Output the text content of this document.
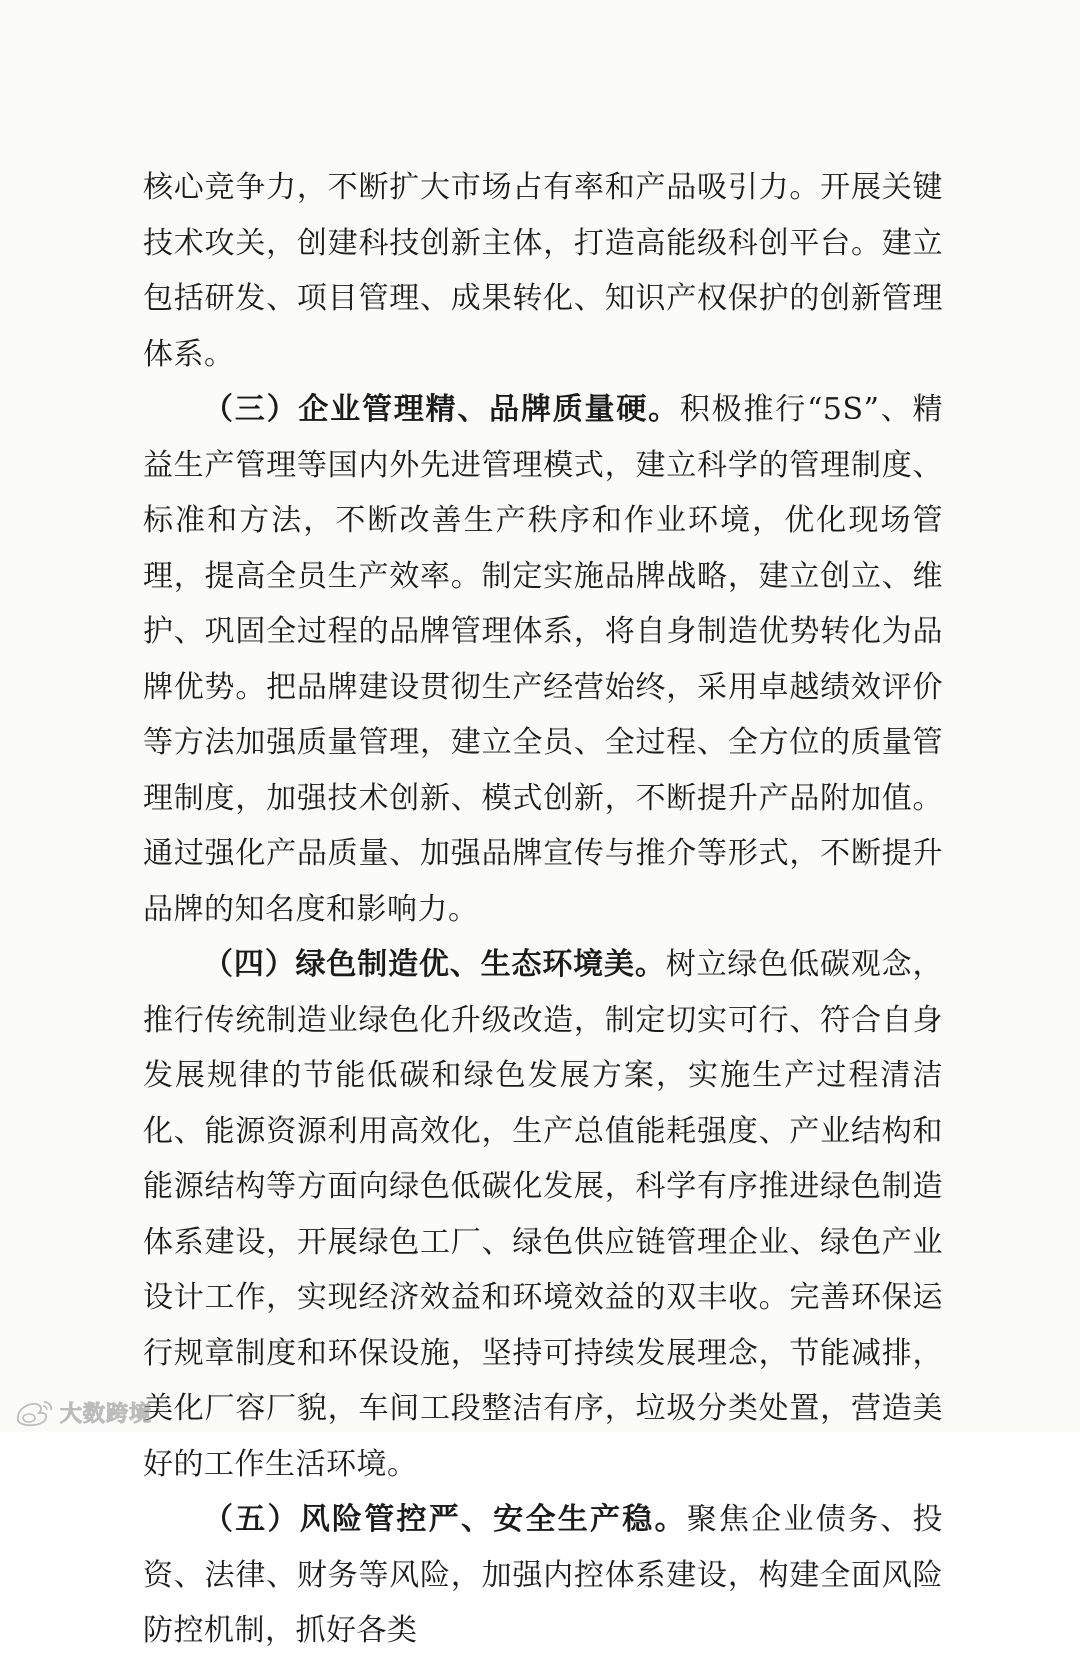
核心竞争力，不断扩大市场占有率和产品吸引力。开展关键技术攻关，创建科技创新主体，打造高能级科创平台。建立包括研发、项目管理、成果转化、知识产权保护的创新管理体系。

（三）企业管理精、品牌质量硬。积极推行“5S”、精益生产管理等国内外先进管理模式，建立科学的管理制度、标准和方法，不断改善生产秩序和作业环境，优化现场管理，提高全员生产效率。制定实施品牌战略，建立创立、维护、巩固全过程的品牌管理体系，将自身制造优势转化为品牌优势。把品牌建设贯彻生产经营始终，采用卓越绩效评价等方法加强质量管理，建立全员、全过程、全方位的质量管理制度，加强技术创新、模式创新，不断提升产品附加值。通过强化产品质量、加强品牌宣传与推介等形式，不断提升品牌的知名度和影响力。

（四）绿色制造优、生态环境美。树立绿色低碳观念，推行传统制造业绿色化升级改造，制定切实可行、符合自身发展规律的节能低碳和绿色发展方案，实施生产过程清洁化、能源资源利用高效化，生产总值能耗强度、产业结构和能源结构等方面向绿色低碳化发展，科学有序推进绿色制造体系建设，开展绿色工厂、绿色供应链管理企业、绿色产业设计工作，实现经济效益和环境效益的双丰收。完善环保运行规章制度和环保设施，坚持可持续发展理念，节能减排，美化厂容厂貌，车间工段整洁有序，垃圾分类处置，营造美好的工作生活环境。

（五）风险管控严、安全生产稳。聚焦企业债务、投资、法律、财务等风险，加强内控体系建设，构建全面风险防控机制，抓好各类

大数跨境
